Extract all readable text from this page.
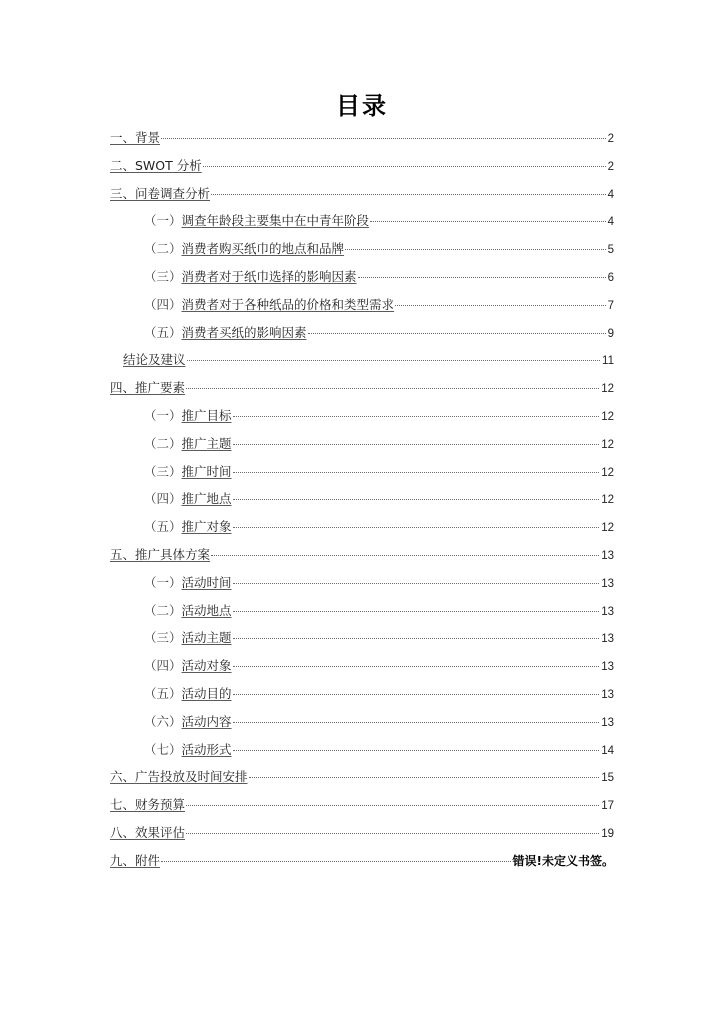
目录
一、背景	2
二、SWOT 分析	2
三、问卷调查分析	4
（一）调查年龄段主要集中在中青年阶段	4
（二）消费者购买纸巾的地点和品牌	5
（三）消费者对于纸巾选择的影响因素	6
（四）消费者对于各种纸品的价格和类型需求	7
（五）消费者买纸的影响因素	9
结论及建议	11
四、推广要素	12
（一）推广目标	12
（二）推广主题	12
（三）推广时间	12
（四）推广地点	12
（五）推广对象	12
五、推广具体方案	13
（一）活动时间	13
（二）活动地点	13
（三）活动主题	13
（四）活动对象	13
（五）活动目的	13
（六）活动内容	13
（七）活动形式	14
六、广告投放及时间安排	15
七、财务预算	17
八、效果评估	19
九、附件	错误!未定义书签。
